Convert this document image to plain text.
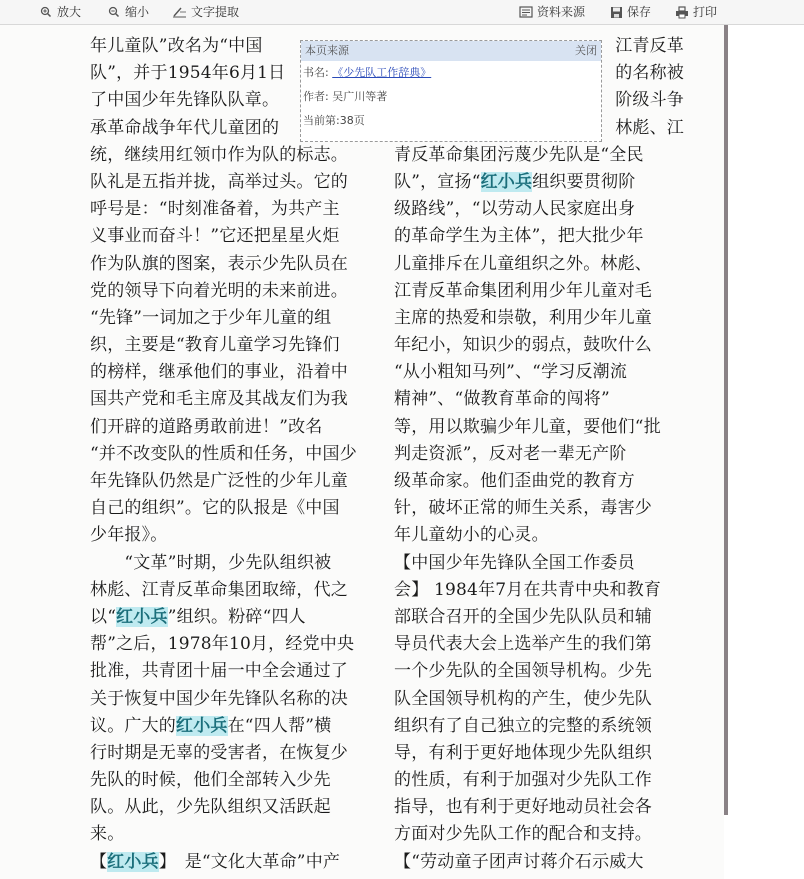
放大	缩小	文字提取	资料来源	保存	打印
年儿童队”改名为“中国
队”，并于1954年6月1日
了中国少年先锋队队章。
承革命战争年代儿童团的
统，继续用红领巾作为队的标志。
队礼是五指并拢，高举过头。它的
呼号是：“时刻准备着，为共产主
义事业而奋斗！”它还把星星火炬
作为队旗的图案，表示少先队员在
党的领导下向着光明的未来前进。
“先锋”一词加之于少年儿童的组
织，主要是“教育儿童学习先锋们
的榜样，继承他们的事业，沿着中
国共产党和毛主席及其战友们为我
们开辟的道路勇敢前进！”改名
“并不改变队的性质和任务，中国少
年先锋队仍然是广泛性的少年儿童
自己的组织”。它的队报是《中国
少年报》。
　　“文革”时期，少先队组织被
林彪、江青反革命集团取缔，代之
以“红小兵”组织。粉碎“四人
帮”之后，1978年10月，经党中央
批准，共青团十届一中全会通过了
关于恢复中国少年先锋队名称的决
议。广大的红小兵在“四人帮”横
行时期是无辜的受害者，在恢复少
先队的时候，他们全部转入少先
队。从此，少先队组织又活跃起
来。
【红小兵】　是“文化大革命”中产
江青反革
的名称被
阶级斗争
林彪、江
青反革命集团污蔑少先队是“全民
队”，宣扬“红小兵组织要贯彻阶
级路线”，“以劳动人民家庭出身
的革命学生为主体”，把大批少年
儿童排斥在儿童组织之外。林彪、
江青反革命集团利用少年儿童对毛
主席的热爱和崇敬，利用少年儿童
年纪小，知识少的弱点，鼓吹什么
“从小粗知马列”、“学习反潮流
精神”、“做教育革命的闯将”
等，用以欺骗少年儿童，要他们“批
判走资派”，反对老一辈无产阶
级革命家。他们歪曲党的教育方
针，破坏正常的师生关系，毒害少
年儿童幼小的心灵。
【中国少年先锋队全国工作委员
会】 1984年7月在共青中央和教育
部联合召开的全国少先队队员和辅
导员代表大会上选举产生的我们第
一个少先队的全国领导机构。少先
队全国领导机构的产生，使少先队
组织有了自己独立的完整的系统领
导，有利于更好地体现少先队组织
的性质，有利于加强对少先队工作
指导，也有利于更好地动员社会各
方面对少先队工作的配合和支持。
【“劳动童子团声讨蒋介石示威大
本页来源	关闭
书名: 《少先队工作辞典》
作者: 吴广川等著
当前第:38页
